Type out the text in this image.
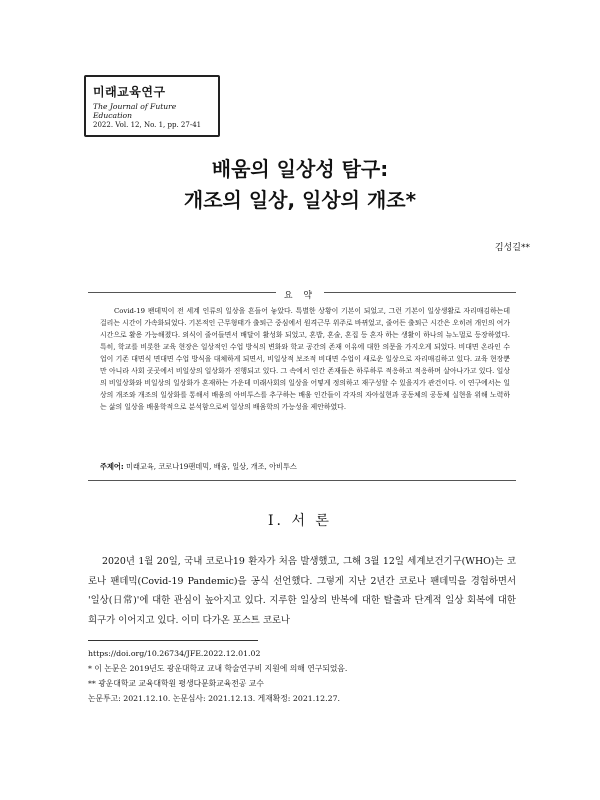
미래교육연구
The Journal of Future Education
2022. Vol. 12, No. 1, pp. 27-41
배움의 일상성 탐구:
개조의 일상, 일상의 개조*
김성길**
요 약

Covid-19 팬데믹이 전 세계 인류의 일상을 흔들어 놓았다. 특별한 상황이 기본이 되었고, 그런 기본이 일상생활로 자리매김하는데 걸리는 시간이 가속화되었다. 기본적인 근무형태가 출퇴근 중심에서 원격근무 위주로 바뀌었고, 줄어든 출퇴근 시간은 오히려 개인의 여가시간으로 활용 가능해졌다. 외식이 줄어들면서 배달이 활성화 되었고, 혼밥, 혼술, 혼집 등 혼자 하는 생활이 하나의 뉴노멀로 등장하였다. 특히, 학교를 비롯한 교육 현장은 일상적인 수업 방식의 변화와 학교 공간의 존재 이유에 대한 의문을 가지오게 되었다. 비대면 온라인 수업이 기존 대면식 면대면 수업 방식을 대체하게 되면서, 비일상적 보조적 비대면 수업이 새로운 일상으로 자리매김하고 있다. 교육 현장뿐만 아니라 사회 곳곳에서 비일상의 일상화가 진행되고 있다. 그 속에서 인간 존재들은 하루하루 적응하고 적응하며 살아나가고 있다. 일상의 비일상화와 비일상의 일상화가 혼재하는 가운데 미래사회의 일상을 어떻게 정의하고 재구성할 수 있을지가 관건이다. 이 연구에서는 일상의 개조와 개조의 일상화를 통해서 배움의 아비투스를 추구하는 배움 인간들이 각자의 자아실현과 공동체의 공동체 실현을 위해 노력하는 삶의 일상을 배움학적으로 분석함으로써 일상의 배움학의 가능성을 제안하였다.

주제어: 미래교육, 코로나19팬데믹, 배움, 일상, 개조, 아비투스
Ⅰ. 서 론

2020년 1월 20일, 국내 코로나19 환자가 처음 발생했고, 그해 3월 12일 세계보건기구(WHO)는 코로나 팬데믹(Covid-19 Pandemic)을 공식 선언했다. 그렇게 지난 2년간 코로나 팬데믹을 경험하면서 '일상(日常)'에 대한 관심이 높아지고 있다. 지루한 일상의 반복에 대한 탈출과 단계적 일상 회복에 대한 희구가 이어지고 있다. 이미 다가온 포스트 코로나

https://doi.org/10.26734/JFE.2022.12.01.02
* 이 논문은 2019년도 광운대학교 교내 학술연구비 지원에 의해 연구되었음.
** 광운대학교 교육대학원 평생다문화교육전공 교수
논문투고: 2021.12.10. 논문심사: 2021.12.13. 게재확정: 2021.12.27.
